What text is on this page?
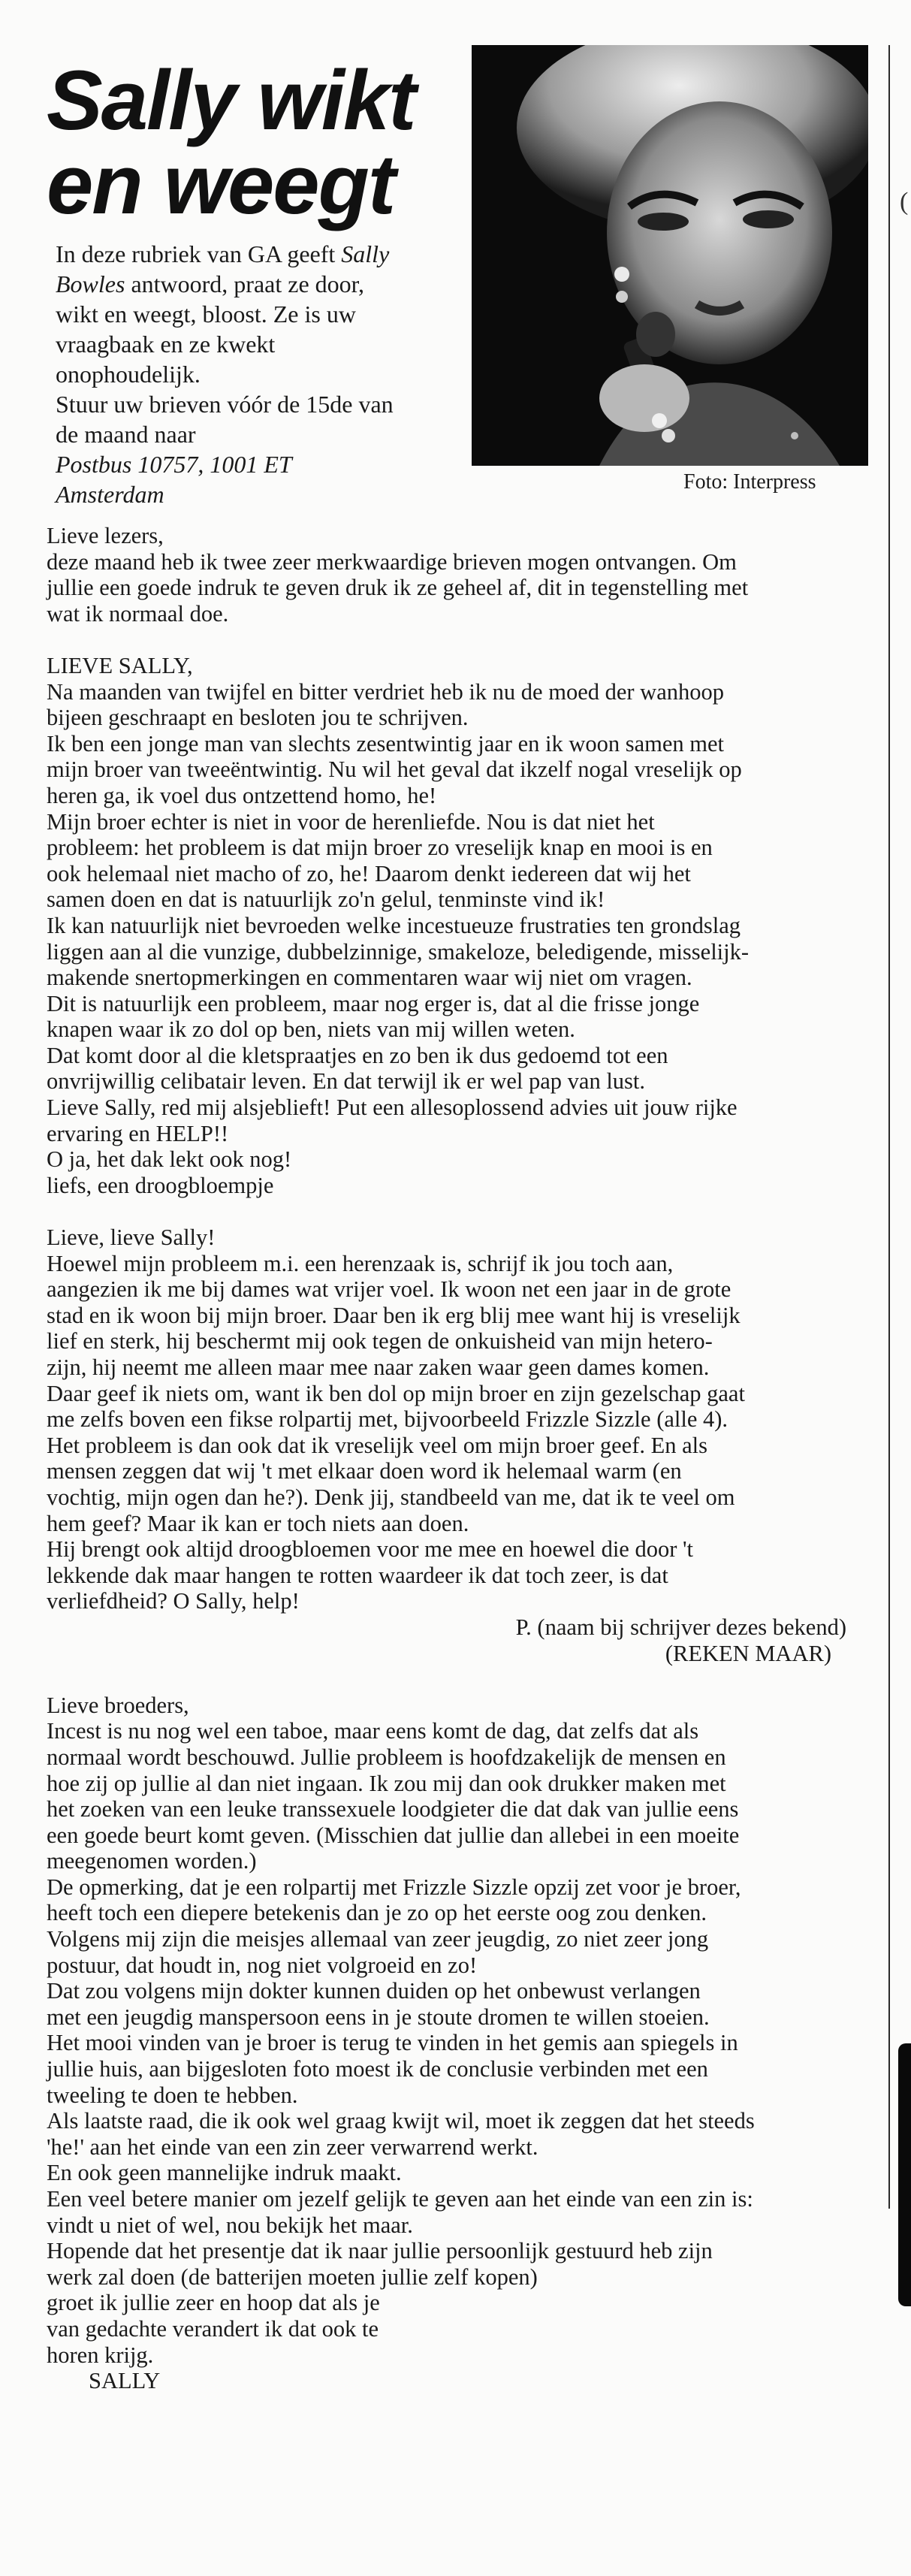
Sally wikt
en weegt

In deze rubriek van GA geeft Sally

Bowles antwoord, praat ze door,

wikt en weegt, bloost. Ze is uw

vraagbaak en ze kwekt

onophoudelijk.

Stuur uw brieven vóór de 15de van

de maand naar

Postbus 10757, 1001 ET

Amsterdam	Foto: Interpress
Lieve lezers,
deze maand heb ik twee zeer merkwaardige brieven mogen ontvangen. Om
jullie een goede indruk te geven druk ik ze geheel af, dit in tegenstelling met
wat ik normaal doe.
LIEVE SALLY,
Na maanden van twijfel en bitter verdriet heb ik nu de moed der wanhoop
bijeen geschraapt en besloten jou te schrijven.
Ik ben een jonge man van slechts zesentwintig jaar en ik woon samen met
mijn broer van tweeëntwintig. Nu wil het geval dat ikzelf nogal vreselijk op
heren ga, ik voel dus ontzettend homo, he!
Mijn broer echter is niet in voor de herenliefde. Nou is dat niet het
probleem: het probleem is dat mijn broer zo vreselijk knap en mooi is en
ook helemaal niet macho of zo, he! Daarom denkt iedereen dat wij het
samen doen en dat is natuurlijk zo'n gelul, tenminste vind ik!
Ik kan natuurlijk niet bevroeden welke incestueuze frustraties ten grondslag
liggen aan al die vunzige, dubbelzinnige, smakeloze, beledigende, misselijk-
makende snertopmerkingen en commentaren waar wij niet om vragen.
Dit is natuurlijk een probleem, maar nog erger is, dat al die frisse jonge
knapen waar ik zo dol op ben, niets van mij willen weten.
Dat komt door al die kletspraatjes en zo ben ik dus gedoemd tot een
onvrijwillig celibatair leven. En dat terwijl ik er wel pap van lust.
Lieve Sally, red mij alsjeblieft! Put een allesoplossend advies uit jouw rijke
ervaring en HELP!!
O ja, het dak lekt ook nog!
liefs, een droogbloempje
Lieve, lieve Sally!
Hoewel mijn probleem m.i. een herenzaak is, schrijf ik jou toch aan,
aangezien ik me bij dames wat vrijer voel. Ik woon net een jaar in de grote
stad en ik woon bij mijn broer. Daar ben ik erg blij mee want hij is vreselijk
lief en sterk, hij beschermt mij ook tegen de onkuisheid van mijn hetero-
zijn, hij neemt me alleen maar mee naar zaken waar geen dames komen.
Daar geef ik niets om, want ik ben dol op mijn broer en zijn gezelschap gaat
me zelfs boven een fikse rolpartij met, bijvoorbeeld Frizzle Sizzle (alle 4).
Het probleem is dan ook dat ik vreselijk veel om mijn broer geef. En als
mensen zeggen dat wij 't met elkaar doen word ik helemaal warm (en
vochtig, mijn ogen dan he?). Denk jij, standbeeld van me, dat ik te veel om
hem geef? Maar ik kan er toch niets aan doen.
Hij brengt ook altijd droogbloemen voor me mee en hoewel die door 't
lekkende dak maar hangen te rotten waardeer ik dat toch zeer, is dat
verliefdheid? O Sally, help!
P. (naam bij schrijver dezes bekend)
(REKEN MAAR)
Lieve broeders,
Incest is nu nog wel een taboe, maar eens komt de dag, dat zelfs dat als
normaal wordt beschouwd. Jullie probleem is hoofdzakelijk de mensen en
hoe zij op jullie al dan niet ingaan. Ik zou mij dan ook drukker maken met
het zoeken van een leuke transsexuele loodgieter die dat dak van jullie eens
een goede beurt komt geven. (Misschien dat jullie dan allebei in een moeite
meegenomen worden.)
De opmerking, dat je een rolpartij met Frizzle Sizzle opzij zet voor je broer,
heeft toch een diepere betekenis dan je zo op het eerste oog zou denken.
Volgens mij zijn die meisjes allemaal van zeer jeugdig, zo niet zeer jong
postuur, dat houdt in, nog niet volgroeid en zo!
Dat zou volgens mijn dokter kunnen duiden op het onbewust verlangen
met een jeugdig manspersoon eens in je stoute dromen te willen stoeien.
Het mooi vinden van je broer is terug te vinden in het gemis aan spiegels in
jullie huis, aan bijgesloten foto moest ik de conclusie verbinden met een
tweeling te doen te hebben.
Als laatste raad, die ik ook wel graag kwijt wil, moet ik zeggen dat het steeds
'he!' aan het einde van een zin zeer verwarrend werkt.
En ook geen mannelijke indruk maakt.
Een veel betere manier om jezelf gelijk te geven aan het einde van een zin is:
vindt u niet of wel, nou bekijk het maar.
Hopende dat het presentje dat ik naar jullie persoonlijk gestuurd heb zijn
werk zal doen (de batterijen moeten jullie zelf kopen)
groet ik jullie zeer en hoop dat als je
van gedachte verandert ik dat ook te
horen krijg.
SALLY
(
